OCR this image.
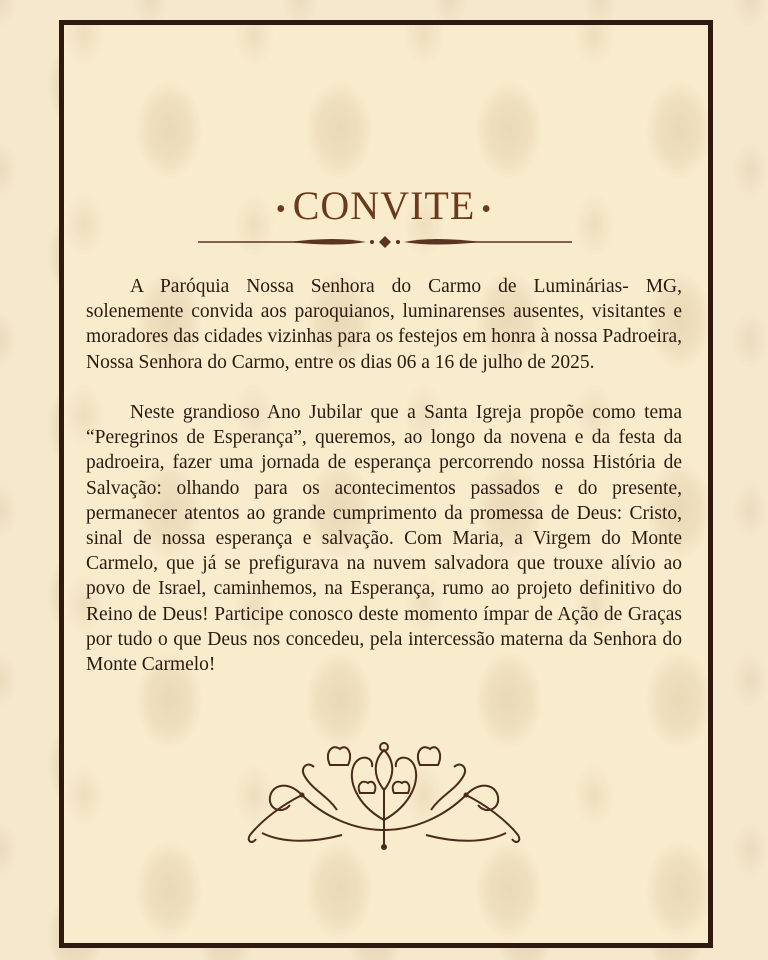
• CONVITE •

A Paróquia Nossa Senhora do Carmo de Luminárias- MG, solenemente convida aos paroquianos, luminarenses ausentes, visitantes e moradores das cidades vizinhas para os festejos em honra à nossa Padroeira, Nossa Senhora do Carmo, entre os dias 06 a 16 de julho de 2025.

Neste grandioso Ano Jubilar que a Santa Igreja propõe como tema “Peregrinos de Esperança”, queremos, ao longo da novena e da festa da padroeira, fazer uma jornada de esperança percorrendo nossa História de Salvação: olhando para os acontecimentos passados e do presente, permanecer atentos ao grande cumprimento da promessa de Deus: Cristo, sinal de nossa esperança e salvação. Com Maria, a Virgem do Monte Carmelo, que já se prefigurava na nuvem salvadora que trouxe alívio ao povo de Israel, caminhemos, na Esperança, rumo ao projeto definitivo do Reino de Deus! Participe conosco deste momento ímpar de Ação de Graças por tudo o que Deus nos concedeu, pela intercessão materna da Senhora do Monte Carmelo!
